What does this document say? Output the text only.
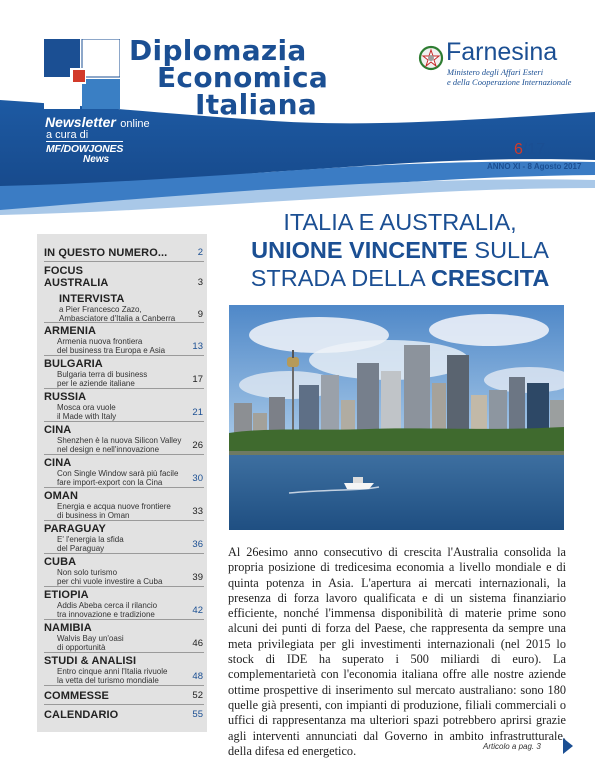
Diplomazia
Economica
Italiana
Farnesina
Ministero degli Affari Esteri
e della Cooperazione Internazionale
Newsletter online
a cura di
MF/DOWJONES
News
6/17
ANNO XI - 8 Agosto 2017
IN QUESTO NUMERO...	2
FOCUS
AUSTRALIA	3
INTERVISTA
a Pier Francesco Zazo,
Ambasciatore d'Italia a Canberra	9
ARMENIA
Armenia nuova frontiera
del business tra Europa e Asia	13
BULGARIA
Bulgaria terra di business
per le aziende italiane	17
RUSSIA
Mosca ora vuole
il Made with Italy	21
CINA
Shenzhen è la nuova Silicon Valley
nel design e nell'innovazione	26
CINA
Con Single Window sarà più facile
fare import-export con la Cina	30
OMAN
Energia e acqua nuove frontiere
di business in Oman	33
PARAGUAY
E' l'energia la sfida
del Paraguay	36
CUBA
Non solo turismo
per chi vuole investire a Cuba	39
ETIOPIA
Addis Abeba cerca il rilancio
tra innovazione e tradizione	42
NAMIBIA
Walvis Bay un'oasi
di opportunità	46
STUDI & ANALISI
Entro cinque anni l'Italia rivuole
la vetta del turismo mondiale	48
COMMESSE	52
CALENDARIO	55
ITALIA E AUSTRALIA,
UNIONE VINCENTE SULLA
STRADA DELLA CRESCITA
Al 26esimo anno consecutivo di crescita l'Australia consolida la propria posizione di tredicesima economia a livello mondiale e di quinta potenza in Asia. L'apertura ai mercati internazionali, la presenza di forza lavoro qualificata e di un sistema finanziario efficiente, nonché l'immensa disponibilità di materie prime sono alcuni dei punti di forza del Paese, che rappresenta da sempre una meta privilegiata per gli investimenti internazionali (nel 2015 lo stock di IDE ha superato i 500 miliardi di euro). La complementarietà con l'economia italiana offre alle nostre aziende ottime prospettive di inserimento sul mercato australiano: sono 180 quelle già presenti, con impianti di produzione, filiali commerciali o uffici di rappresentanza ma ulteriori spazi potrebbero aprirsi grazie agli interventi annunciati dal Governo in ambito infrastrutturale, della difesa ed energetico.	Articolo a pag. 3
